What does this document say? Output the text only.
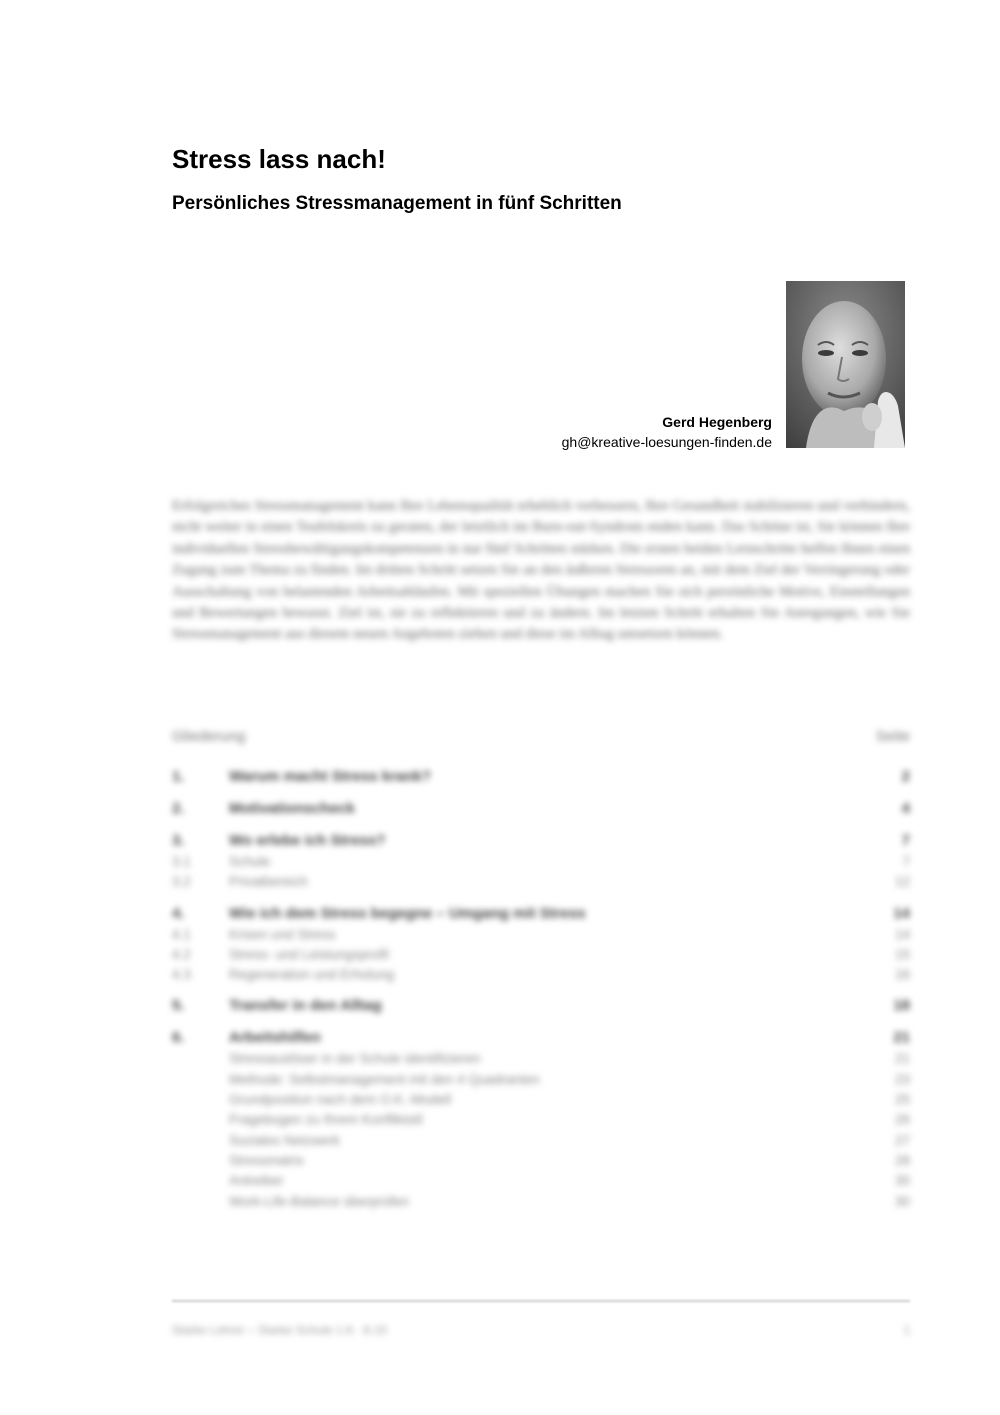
Stress lass nach!
Persönliches Stressmanagement in fünf Schritten
Gerd Hegenberg
gh@kreative-loesungen-finden.de

Erfolgreiches Stressmanagement kann Ihre Lebensqualität erheblich verbessern, Ihre Gesundheit stabilisieren und verhindern, nicht weiter in einen Teufelskreis zu geraten, der letztlich im Burn-out-Syndrom enden kann. Das Schöne ist, Sie können Ihre individuellen Stressbewältigungskompetenzen in nur fünf Schritten stärken. Die ersten beiden Lernschritte helfen Ihnen einen Zugang zum Thema zu finden. Im dritten Schritt setzen Sie an den äußeren Stressoren an, mit dem Ziel der Verringerung oder Ausschaltung von belastenden Arbeitsabläufen. Mit speziellen Übungen machen Sie sich persönliche Motive, Einstellungen und Bewertungen bewusst. Ziel ist, sie zu reflektieren und zu ändern. Im letzten Schritt erhalten Sie Anregungen, wie Sie Stressmanagement aus diesem neuen Angeboten ziehen und diese im Alltag umsetzen können.

Gliederung	Seite
1.	Warum macht Stress krank?	2
2.	Motivationscheck	4
3.	Wo erlebe ich Stress?	7
3.1	Schule	7
3.2	Privatbereich	12
4.	Wie ich dem Stress begegne – Umgang mit Stress	14
4.1	Krisen und Stress	14
4.2	Stress- und Leistungsprofil	15
4.3	Regeneration und Erholung	16
5.	Transfer in den Alltag	18
6.	Arbeitshilfen	21
Stressauslöser in der Schule identifizieren	21
Methode: Selbstmanagement mit den 4 Quadranten	23
Grundposition nach dem O.K.-Modell	25
Fragebogen zu Ihrem Konfliktstil	26
Soziales Netzwerk	27
Stressmatrix	28
Antreiber	30
Work-Life-Balance überprüfen	30
Starke Lehrer – Starke Schule 1.6 · 8.10	1
